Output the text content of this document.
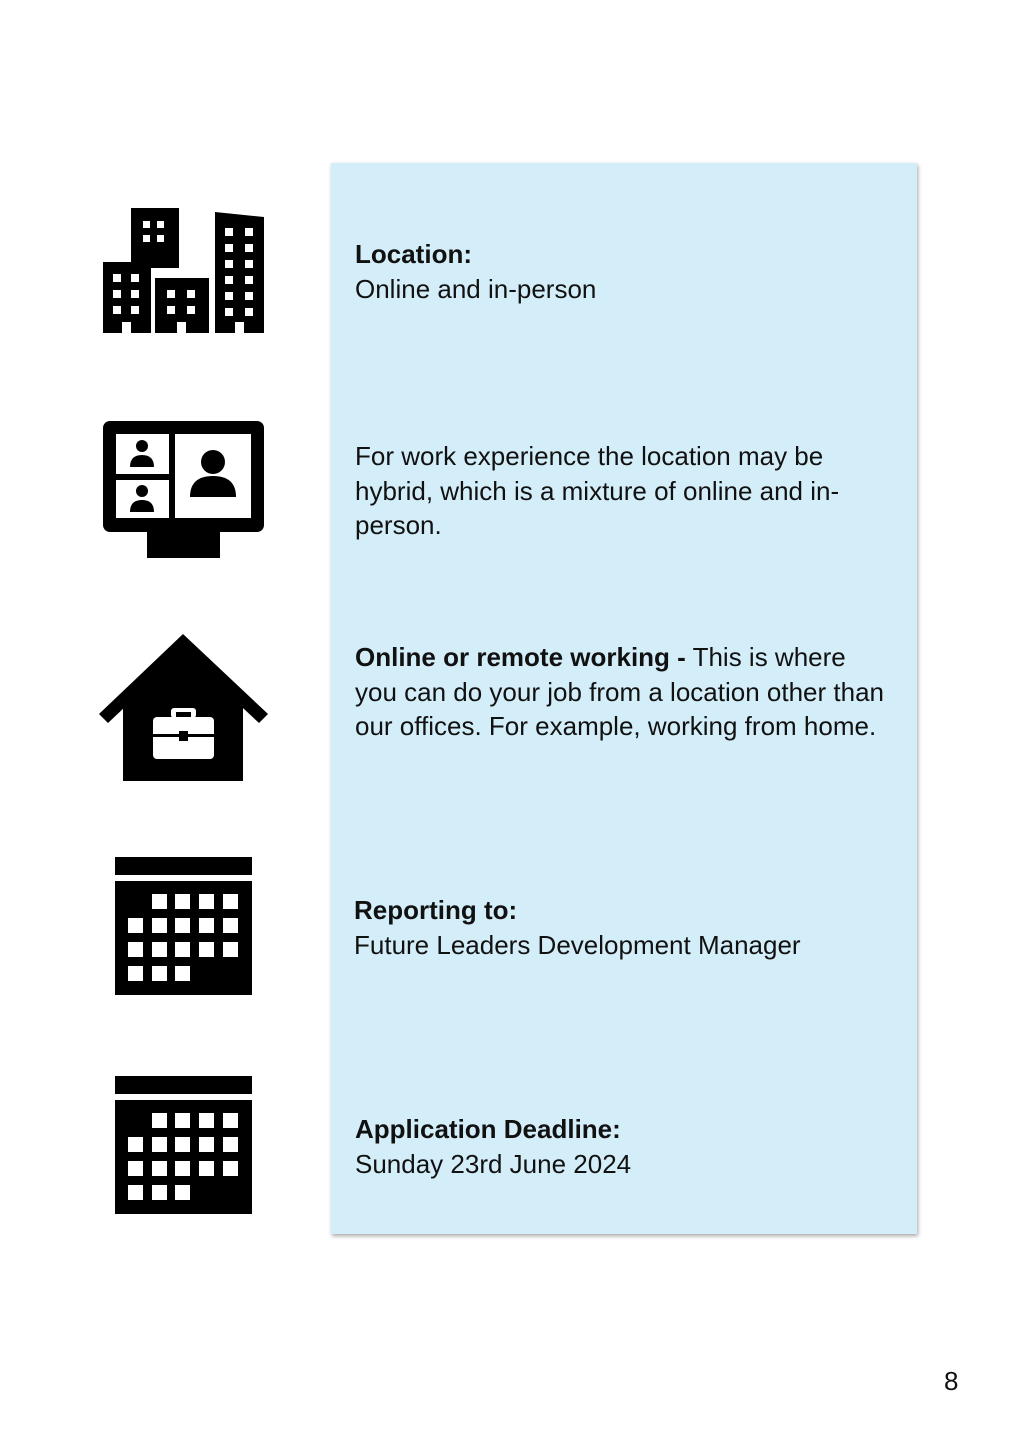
Location:
Online and in-person
For work experience the location may be hybrid, which is a mixture of online and in-person.
Online or remote working - This is where you can do your job from a location other than our offices. For example, working from home.
Reporting to:
Future Leaders Development Manager
Application Deadline:
Sunday 23rd June 2024
8
